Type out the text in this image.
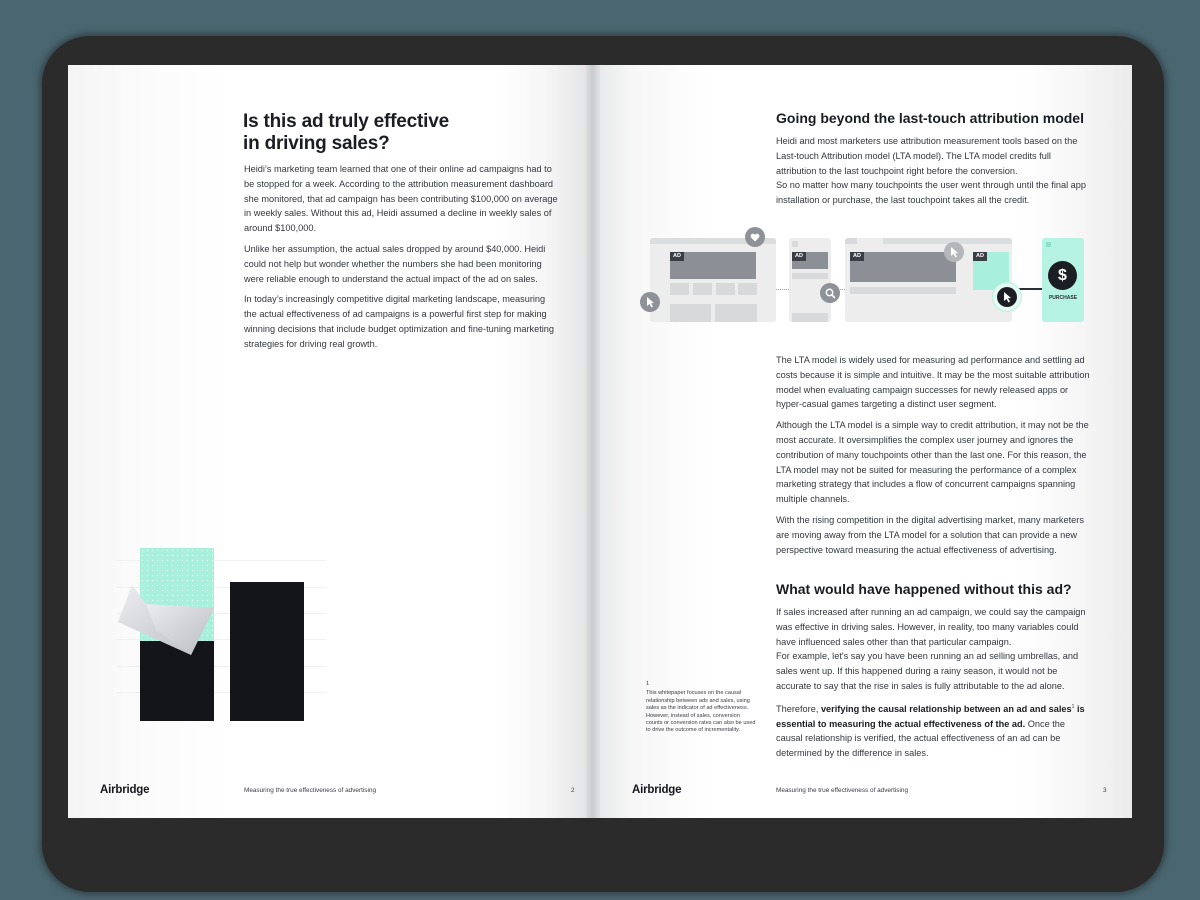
Is this ad truly effective
in driving sales?

Heidi’s marketing team learned that one of their online ad campaigns had to be stopped for a week. According to the attribution measurement dashboard she monitored, that ad campaign has been contributing $100,000 on average in weekly sales. Without this ad, Heidi assumed a decline in weekly sales of around $100,000.

Unlike her assumption, the actual sales dropped by around $40,000. Heidi could not help but wonder whether the numbers she had been monitoring were reliable enough to understand the actual impact of the ad on sales.

In today’s increasingly competitive digital marketing landscape, measuring the actual effectiveness of ad campaigns is a powerful first step for making winning decisions that include budget optimization and fine-tuning marketing strategies for driving real growth.

Airbridge	Measuring the true effectiveness of advertising	2
Going beyond the last-touch attribution model

Heidi and most marketers use attribution measurement tools based on the Last-touch Attribution model (LTA model). The LTA model credits full attribution to the last touchpoint right before the conversion.

So no matter how many touchpoints the user went through until the final app installation or purchase, the last touchpoint takes all the credit.

AD	AD	AD	AD
$
PURCHASE

The LTA model is widely used for measuring ad performance and settling ad costs because it is simple and intuitive. It may be the most suitable attribution model when evaluating campaign successes for newly released apps or hyper-casual games targeting a distinct user segment.

Although the LTA model is a simple way to credit attribution, it may not be the most accurate. It oversimplifies the complex user journey and ignores the contribution of many touchpoints other than the last one. For this reason, the LTA model may not be suited for measuring the performance of a complex marketing strategy that includes a flow of concurrent campaigns spanning multiple channels.

With the rising competition in the digital advertising market, many marketers are moving away from the LTA model for a solution that can provide a new perspective toward measuring the actual effectiveness of advertising.

What would have happened without this ad?

If sales increased after running an ad campaign, we could say the campaign was effective in driving sales. However, in reality, too many variables could have influenced sales other than that particular campaign.

For example, let's say you have been running an ad selling umbrellas, and sales went up. If this happened during a rainy season, it would not be accurate to say that the rise in sales is fully attributable to the ad alone.

Therefore, verifying the causal relationship between an ad and sales$^1$ is essential to measuring the actual effectiveness of the ad. Once the causal relationship is verified, the actual effectiveness of an ad can be determined by the difference in sales.

1
This whitepaper focuses on the causal relationship between ads and sales, using sales as the indicator of ad effectiveness. However, instead of sales, conversion counts or conversion rates can also be used to drive the outcome of incrementality.
Airbridge	Measuring the true effectiveness of advertising	3
